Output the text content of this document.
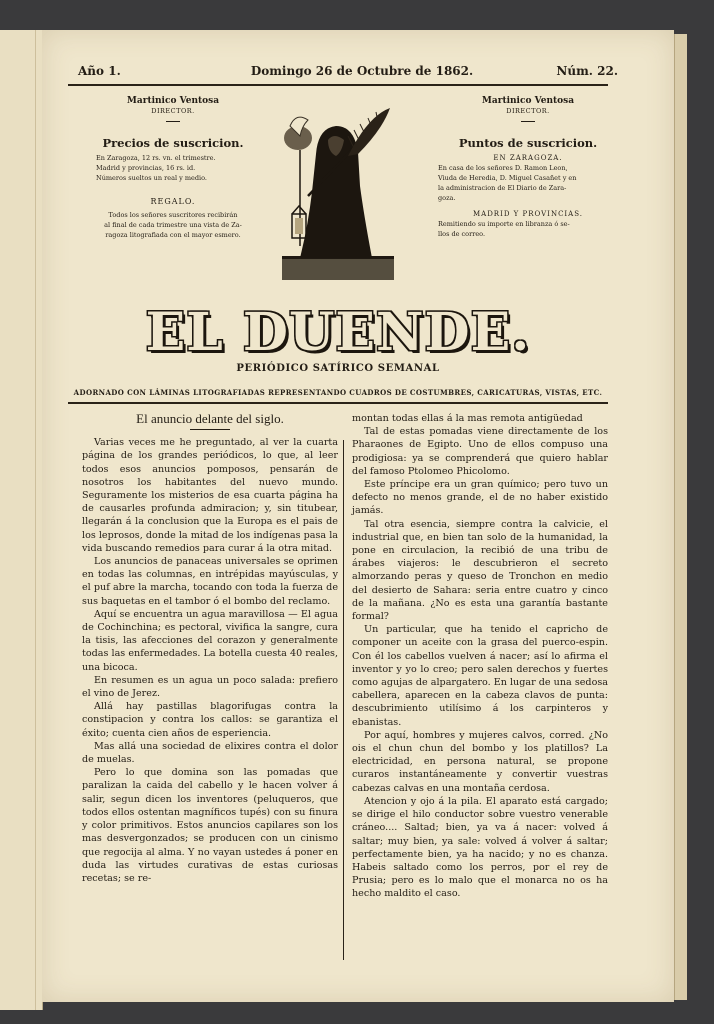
Año 1.	Domingo 26 de Octubre de 1862.	Núm. 22.
Martinico Ventosa
DIRECTOR.
Precios de suscricion.
En Zaragoza, 12 rs. vn. el trimestre.
Madrid y provincias, 16 rs. id.
Números sueltos un real y medio.
REGALO.
Todos los señores suscritores recibirán
al final de cada trimestre una vista de Za-
ragoza litografiada con el mayor esmero.
Martinico Ventosa
DIRECTOR.
Puntos de suscricion.
EN ZARAGOZA.
En casa de los señores D. Ramon Leon,
Viuda de Heredia, D. Miguel Casañet y en
la administracion de El Diario de Zara-
goza.
MADRID Y PROVINCIAS.
Remitiendo su importe en libranza ó se-
llos de correo.
EL DUENDE.
PERIÓDICO SATÍRICO SEMANAL
ADORNADO CON LÁMINAS LITOGRAFIADAS REPRESENTANDO CUADROS DE COSTUMBRES, CARICATURAS, VISTAS, ETC.
El anuncio delante del siglo.

Varias veces me he preguntado, al ver la cuarta página de los grandes periódicos, lo que, al leer todos esos anuncios pomposos, pensarán de nosotros los habitantes del nuevo mundo. Seguramente los misterios de esa cuarta página ha de causarles profunda admiracion; y, sin titubear, llegarán á la conclusion que la Europa es el pais de los leprosos, donde la mitad de los indígenas pasa la vida buscando remedios para curar á la otra mitad.

Los anuncios de panaceas universales se oprimen en todas las columnas, en intrépidas mayúsculas, y el puf abre la marcha, tocando con toda la fuerza de sus baquetas en el tambor ó el bombo del reclamo.

Aquí se encuentra un agua maravillosa — El agua de Cochinchina; es pectoral, vivifica la sangre, cura la tisis, las afecciones del corazon y generalmente todas las enfermedades. La botella cuesta 40 reales, una bicoca.

En resumen es un agua un poco salada: prefiero el vino de Jerez.

Allá hay pastillas blagorifugas contra la constipacion y contra los callos: se garantiza el éxito; cuenta cien años de esperiencia.

Mas allá una sociedad de elixires contra el dolor de muelas.

Pero lo que domina son las pomadas que paralizan la caida del cabello y le hacen volver á salir, segun dicen los inventores (peluqueros, que todos ellos ostentan magníficos tupés) con su finura y color primitivos. Estos anuncios capilares son los mas desvergonzados; se producen con un cinismo que regocija al alma. Y no vayan ustedes á poner en duda las virtudes curativas de estas curiosas recetas; se re-

montan todas ellas á la mas remota antigüedad

Tal de estas pomadas viene directamente de los Pharaones de Egipto. Uno de ellos compuso una prodigiosa: ya se comprenderá que quiero hablar del famoso Ptolomeo Phicolomo.

Este príncipe era un gran químico; pero tuvo un defecto no menos grande, el de no haber existido jamás.

Tal otra esencia, siempre contra la calvicie, el industrial que, en bien tan solo de la humanidad, la pone en circulacion, la recibió de una tribu de árabes viajeros: le descubrieron el secreto almorzando peras y queso de Tronchon en medio del desierto de Sahara: seria entre cuatro y cinco de la mañana. ¿No es esta una garantía bastante formal?

Un particular, que ha tenido el capricho de componer un aceite con la grasa del puerco-espin. Con él los cabellos vuelven á nacer; así lo afirma el inventor y yo lo creo; pero salen derechos y fuertes como agujas de alpargatero. En lugar de una sedosa cabellera, aparecen en la cabeza clavos de punta: descubrimiento utilísimo á los carpinteros y ebanistas.

Por aquí, hombres y mujeres calvos, corred. ¿No ois el chun chun del bombo y los platillos? La electricidad, en persona natural, se propone curaros instantáneamente y convertir vuestras cabezas calvas en una montaña cerdosa.

Atencion y ojo á la pila. El aparato está cargado; se dirige el hilo conductor sobre vuestro venerable cráneo.... Saltad; bien, ya va á nacer: volved á saltar; muy bien, ya sale: volved á volver á saltar; perfectamente bien, ya ha nacido; y no es chanza. Habeis saltado como los perros, por el rey de Prusia; pero es lo malo que el monarca no os ha hecho maldito el caso.
